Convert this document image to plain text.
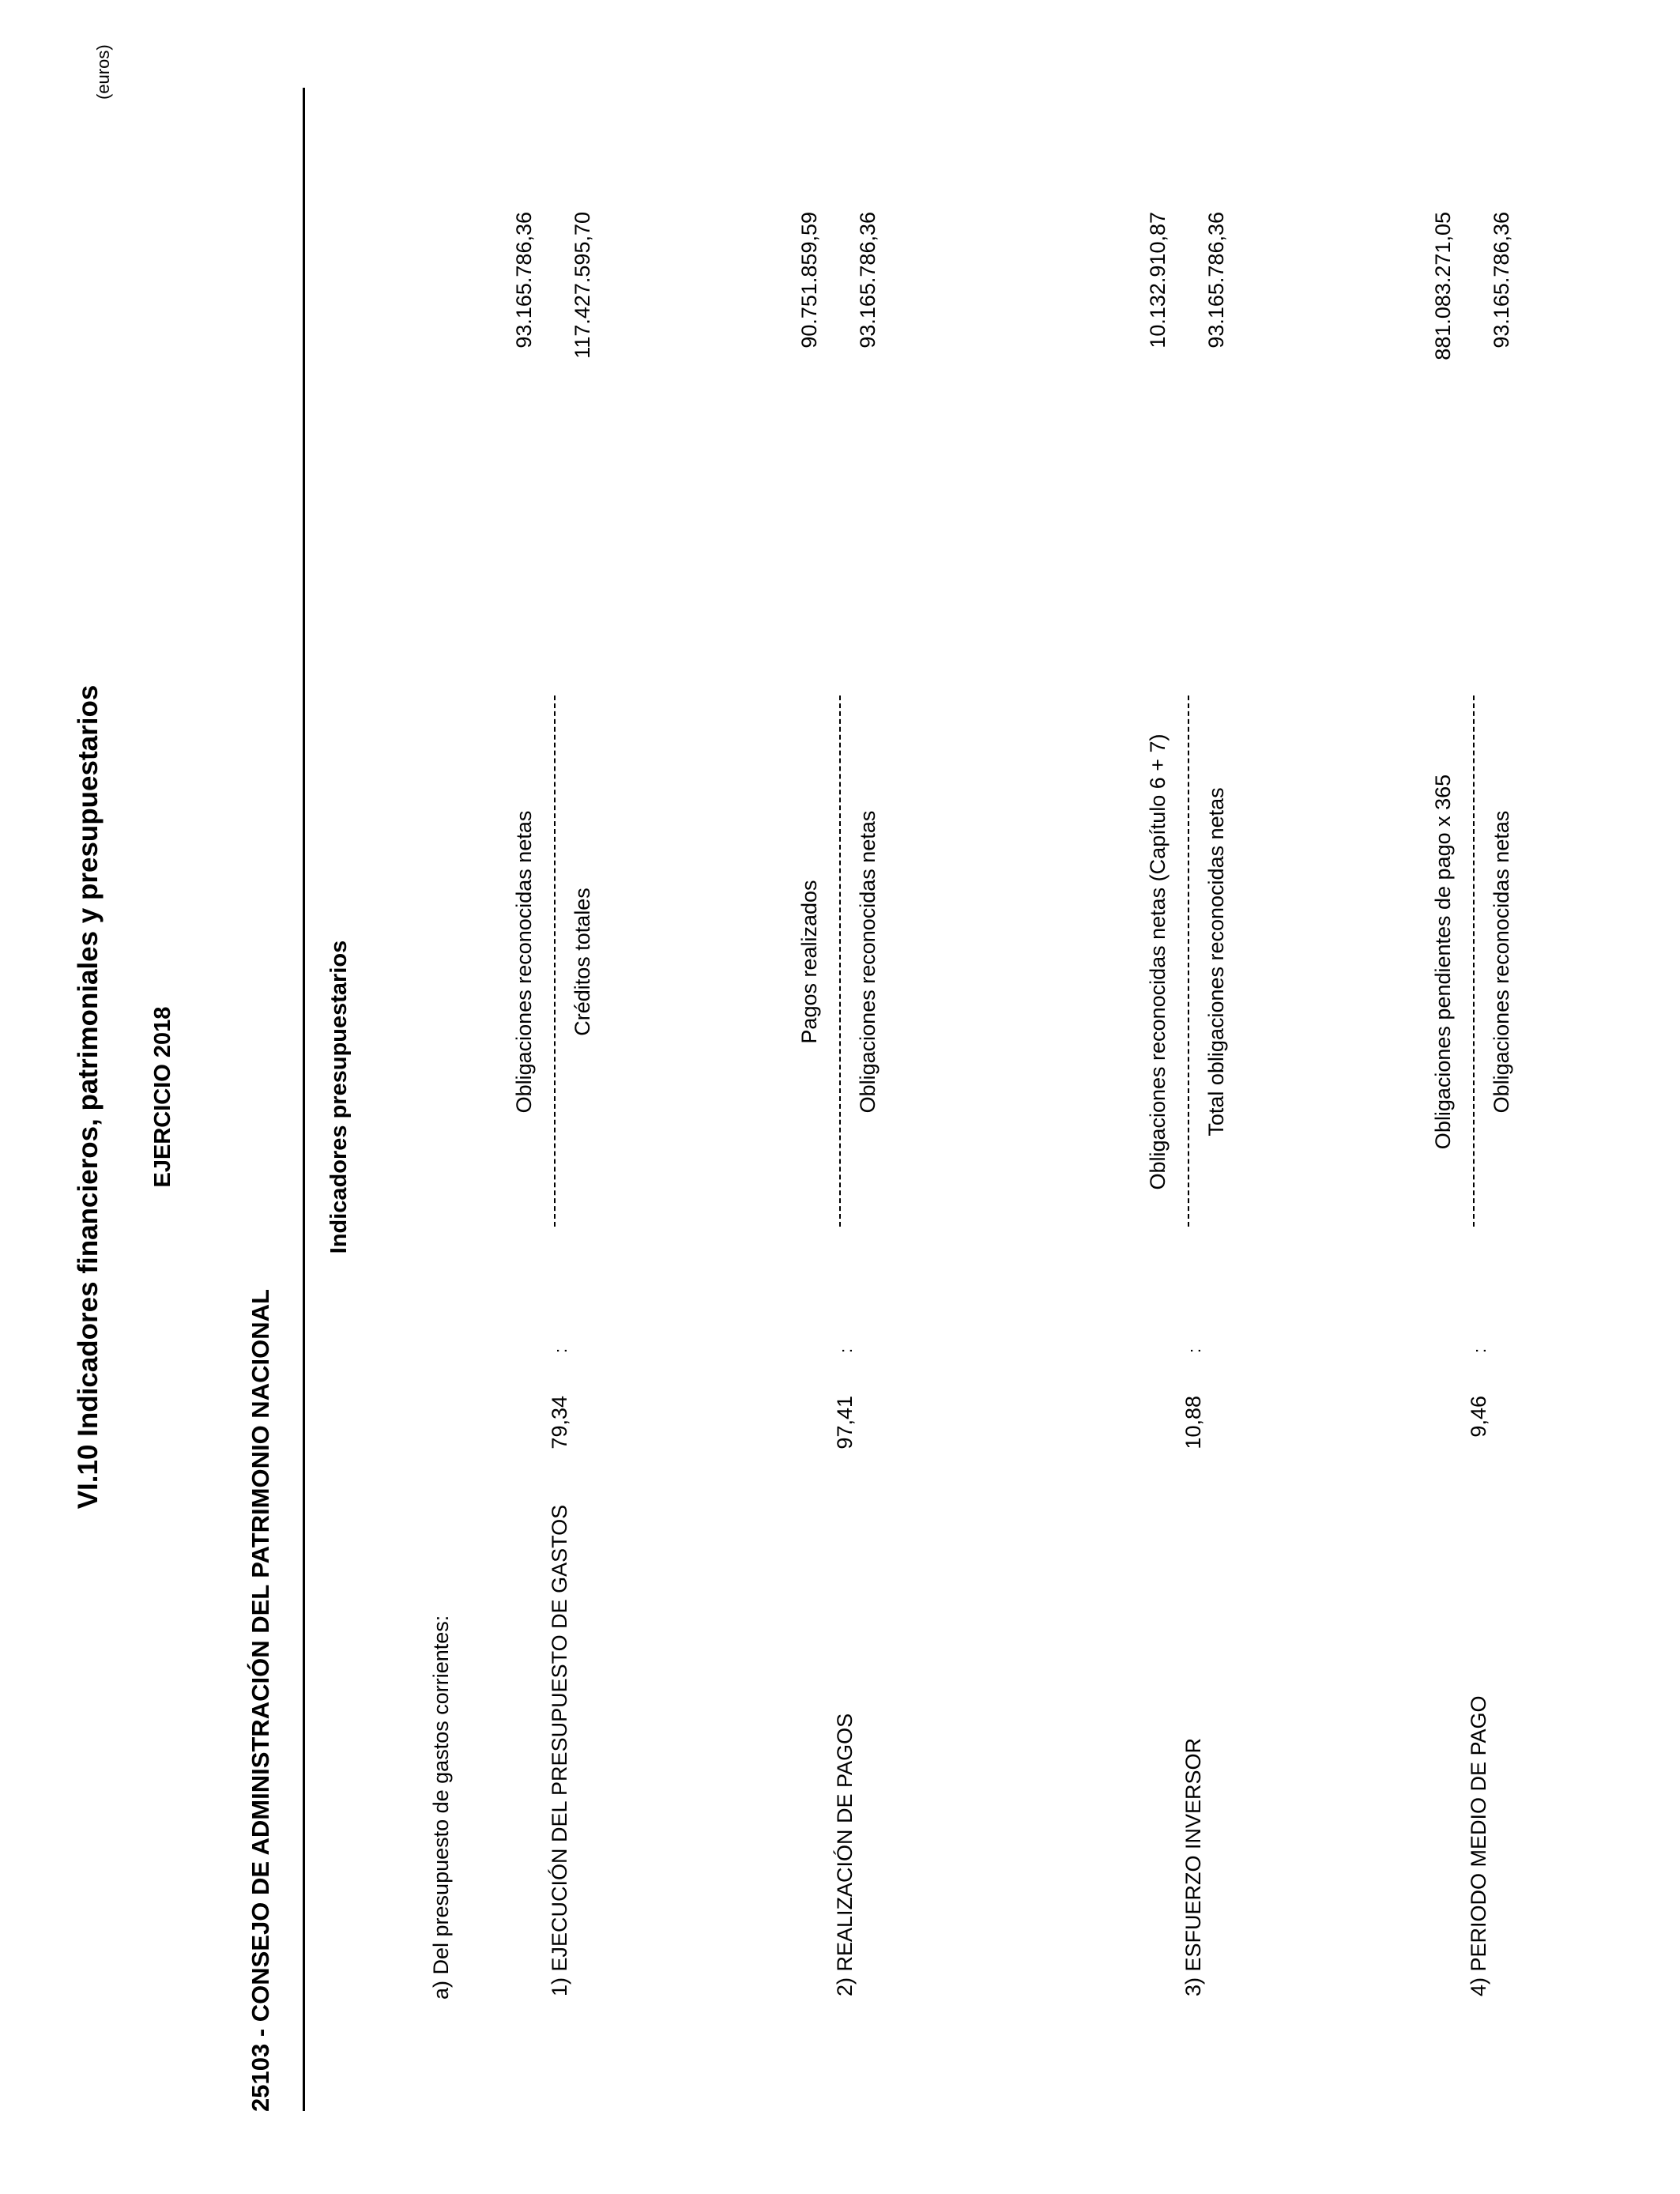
VI.10 Indicadores financieros, patrimoniales y presupuestarios EJERCICIO 2018
25103 - CONSEJO DE ADMINISTRACIÓN DEL PATRIMONIO NACIONAL
(euros)
Indicadores presupuestarios
a) Del presupuesto de gastos corrientes:	1) EJECUCIÓN DEL PRESUPUESTO DE GASTOS
79,34
:
Obligaciones reconocidas netas Créditos totales
93.165.786,36 117.427.595,70
2) REALIZACIÓN DE PAGOS
97,41
:
Pagos realizados Obligaciones reconocidas netas
90.751.859,59 93.165.786,36
3) ESFUERZO INVERSOR
10,88
:
Obligaciones reconocidas netas (Capítulo 6 + 7) Total obligaciones reconocidas netas
10.132.910,87 93.165.786,36
4) PERIODO MEDIO DE PAGO
9,46
:
Obligaciones pendientes de pago x 365 Obligaciones reconocidas netas
881.083.271,05 93.165.786,36
